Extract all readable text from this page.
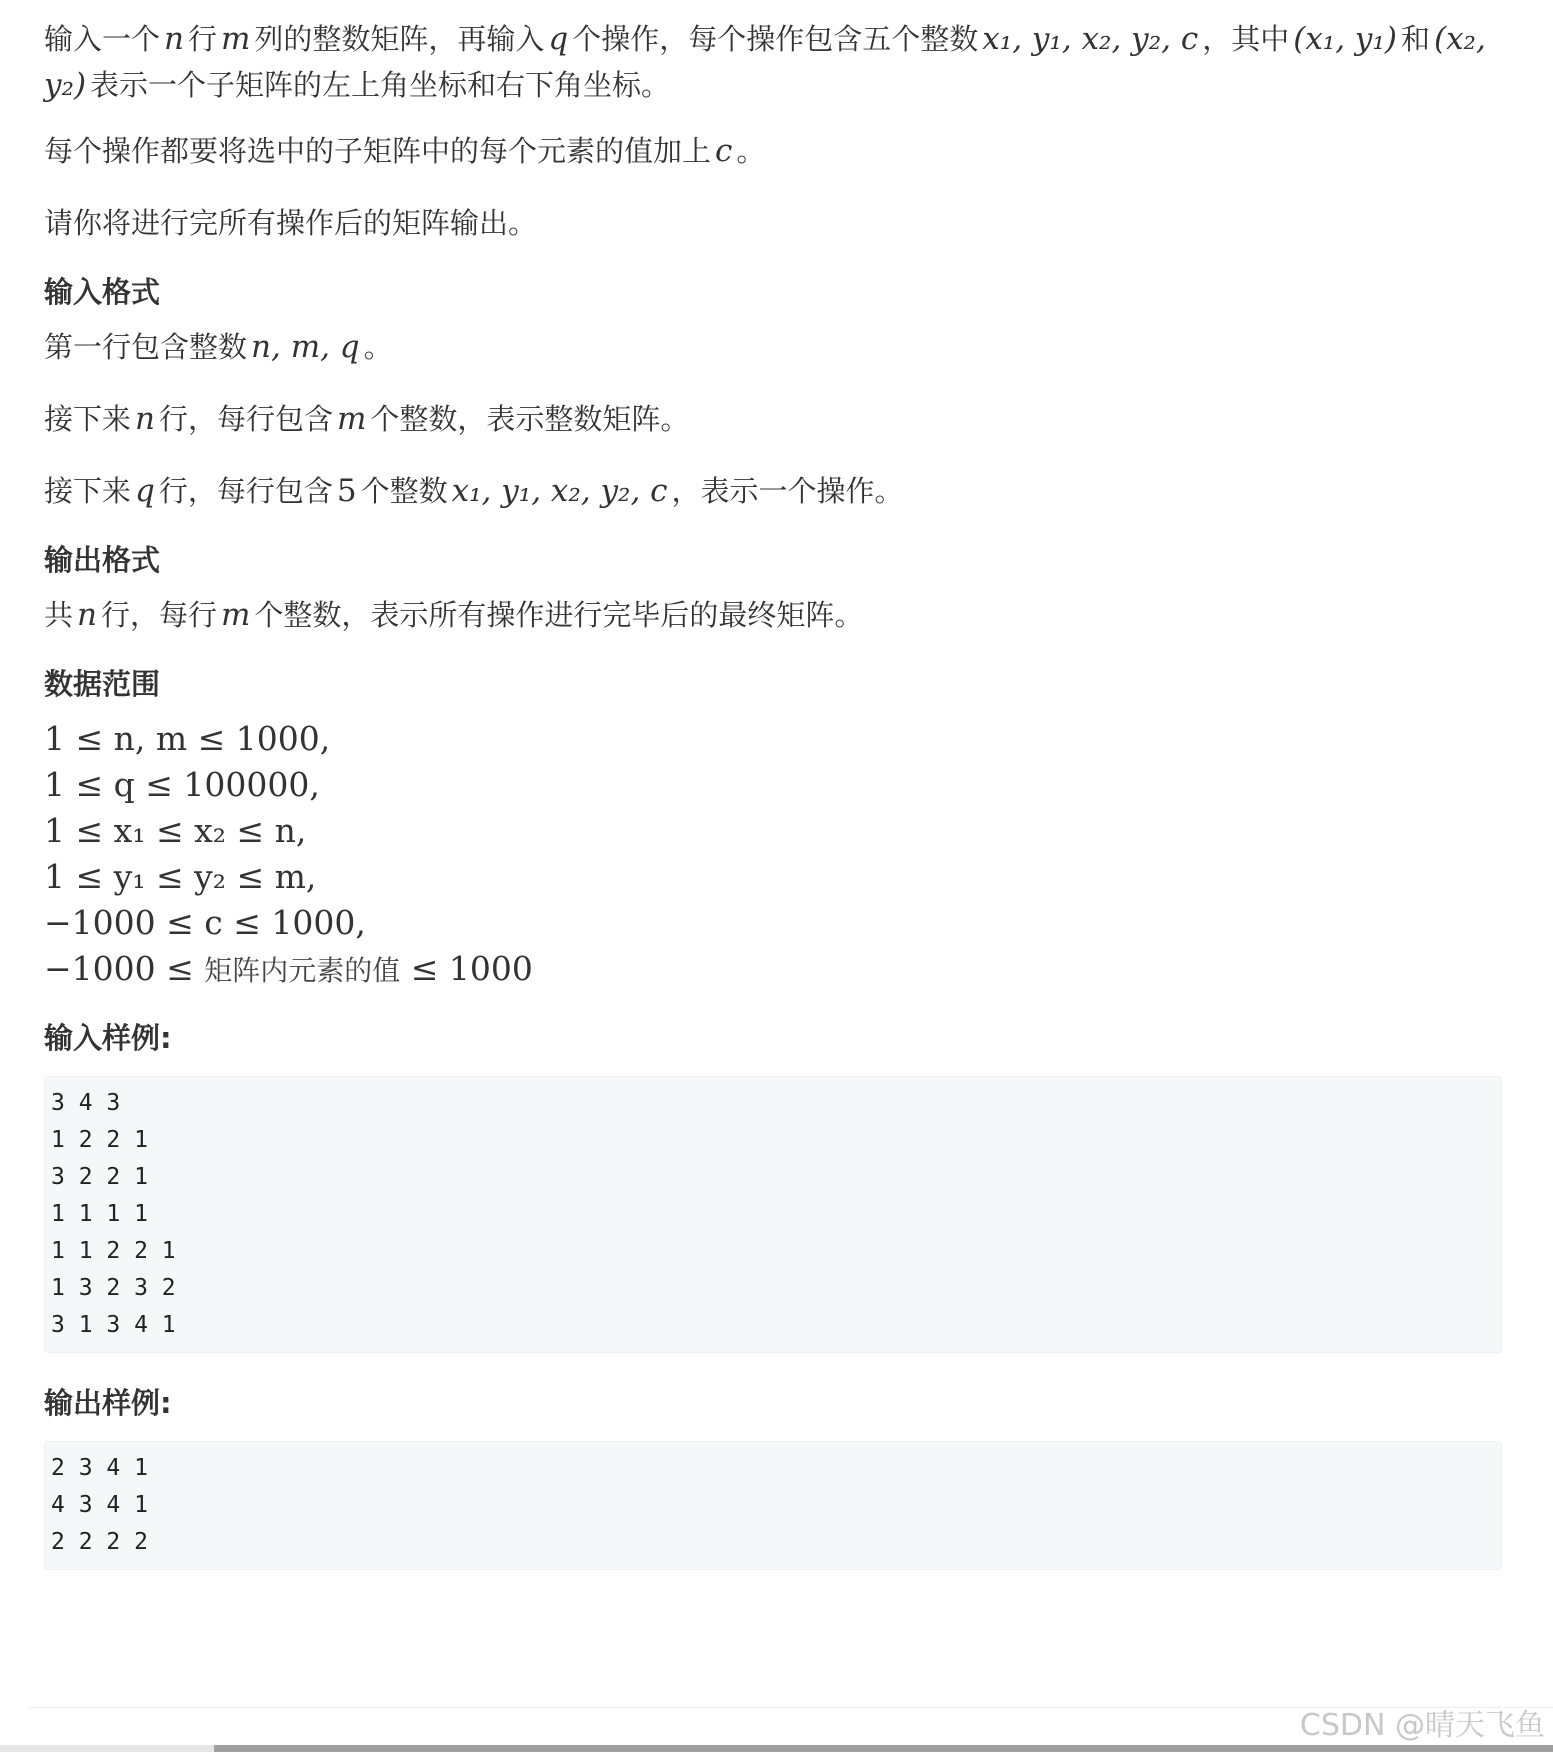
输入一个 n 行 m 列的整数矩阵，再输入 q 个操作，每个操作包含五个整数 x₁, y₁, x₂, y₂, c ，其中 (x₁, y₁) 和 (x₂, y₂) 表示一个子矩阵的左上角坐标和右下角坐标。
每个操作都要将选中的子矩阵中的每个元素的值加上 c 。
请你将进行完所有操作后的矩阵输出。
输入格式
第一行包含整数 n, m, q 。
接下来 n 行，每行包含 m 个整数，表示整数矩阵。
接下来 q 行，每行包含 5 个整数 x₁, y₁, x₂, y₂, c ，表示一个操作。
输出格式
共 n 行，每行 m 个整数，表示所有操作进行完毕后的最终矩阵。
数据范围
1 ≤ n, m ≤ 1000,
1 ≤ q ≤ 100000,
1 ≤ x₁ ≤ x₂ ≤ n,
1 ≤ y₁ ≤ y₂ ≤ m,
−1000 ≤ c ≤ 1000,
−1000 ≤ 矩阵内元素的值 ≤ 1000
输入样例:
3 4 3
1 2 2 1
3 2 2 1
1 1 1 1
1 1 2 2 1
1 3 2 3 2
3 1 3 4 1
输出样例:
2 3 4 1
4 3 4 1
2 2 2 2
CSDN @晴天飞鱼
